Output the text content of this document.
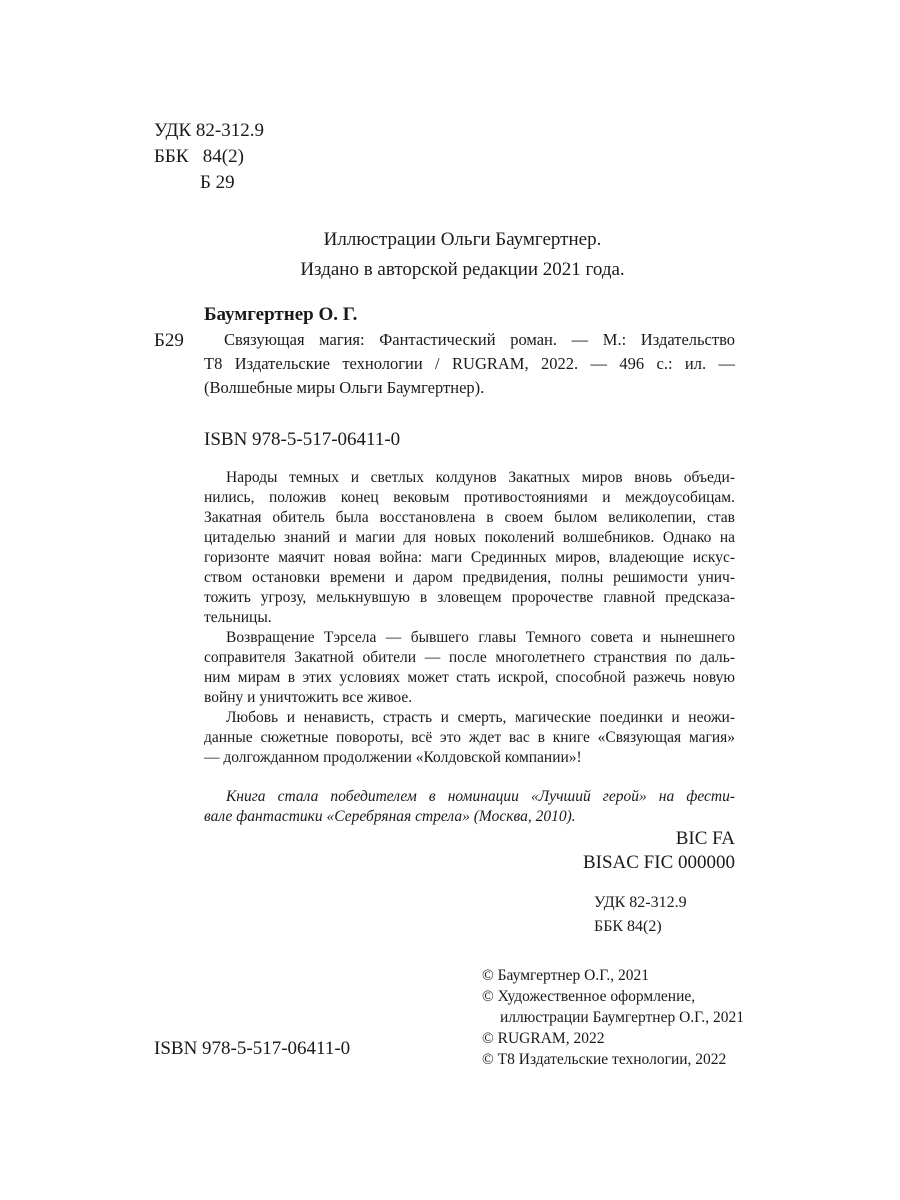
УДК 82-312.9
ББК   84(2)
Б 29
Иллюстрации Ольги Баумгертнер.
Издано в авторской редакции 2021 года.
Б29
Баумгертнер О. Г.
Связующая магия: Фантастический роман. — М.: Издательство
Т8 Издательские технологии / RUGRAM, 2022. — 496 с.: ил. —
(Волшебные миры Ольги Баумгертнер).
ISBN 978-5-517-06411-0
Народы темных и светлых колдунов Закатных миров вновь объеди-
нились, положив конец вековым противостояниями и междоусобицам.
Закатная обитель была восстановлена в своем былом великолепии, став
цитаделью знаний и магии для новых поколений волшебников. Однако на
горизонте маячит новая война: маги Срединных миров, владеющие искус-
ством остановки времени и даром предвидения, полны решимости унич-
тожить угрозу, мелькнувшую в зловещем пророчестве главной предсказа-
тельницы.
Возвращение Тэрсела — бывшего главы Темного совета и нынешнего
соправителя Закатной обители — после многолетнего странствия по даль-
ним мирам в этих условиях может стать искрой, способной разжечь новую
войну и уничтожить все живое.
Любовь и ненависть, страсть и смерть, магические поединки и неожи-
данные сюжетные повороты, всё это ждет вас в книге «Связующая магия»
— долгожданном продолжении «Колдовской компании»!
Книга стала победителем в номинации «Лучший герой» на фести-
вале фантастики «Серебряная стрела» (Москва, 2010).
BIC FA
BISAC FIC 000000
УДК 82-312.9
ББК 84(2)
ISBN 978-5-517-06411-0
© Баумгертнер О.Г., 2021
© Художественное оформление,
иллюстрации Баумгертнер О.Г., 2021
© RUGRAM, 2022
© Т8 Издательские технологии, 2022
